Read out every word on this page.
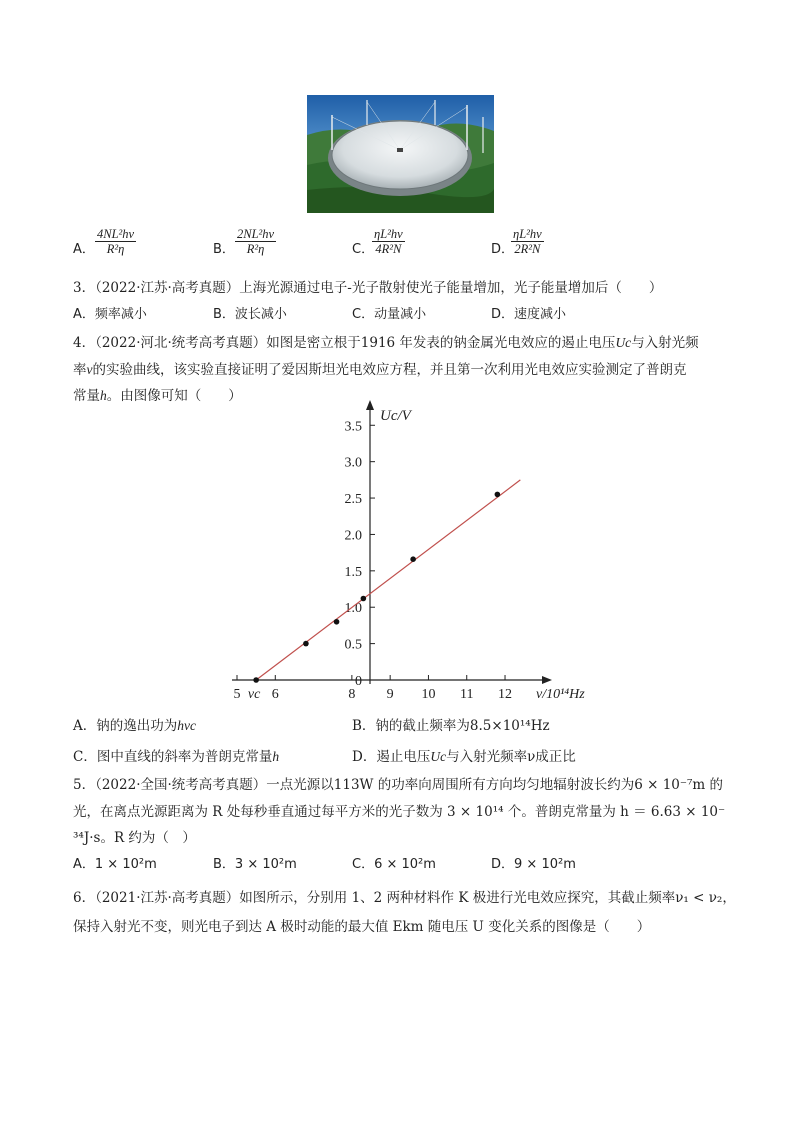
A． $\frac{\text{4NL²hν}}{\text{R²η}}$	B． $\frac{\text{2NL²hν}}{\text{R²η}}$	C．
$\frac{\text{ηL²hν}}{\text{4R²N}}$	D．
$\frac{\text{ηL²hν}}{\text{2R²N}}$
3．（2022·江苏·高考真题）上海光源通过电子-光子散射使光子能量增加，光子能量增加后（　　）
A．频率减小	B．波长减小	C．动量减小	D．速度减小
4．（2022·河北·统考高考真题）如图是密立根于1916 年发表的钠金属光电效应的遏止电压Uc与入射光频
率ν的实验曲线，该实验直接证明了爱因斯坦光电效应方程，并且第一次利用光电效应实验测定了普朗克
常量h。由图像可知（　　）
5 6	8 9 10 11 12
νc
0
0.5
1.0
1.5
2.0
2.5
3.0
3.5
Uc/V
ν/10¹⁴Hz
A．钠的逸出功为hνc	B．钠的截止频率为8.5×10¹⁴Hz
C．图中直线的斜率为普朗克常量h	D．遏止电压Uc与入射光频率ν成正比
5．（2022·全国·统考高考真题）一点光源以113W 的功率向周围所有方向均匀地辐射波长约为6 × 10⁻⁷m 的
光，在离点光源距离为 R 处每秒垂直通过每平方米的光子数为 3 × 10¹⁴ 个。普朗克常量为 h ＝ 6.63 × 10⁻
³⁴J·s。R 约为（　）
A．1 × 10²m	B．3 × 10²m	C．6 × 10²m	D．9 × 10²m
6．（2021·江苏·高考真题）如图所示，分别用 1、2 两种材料作 K 极进行光电效应探究，其截止频率ν₁ < ν₂，
保持入射光不变，则光电子到达 A 极时动能的最大值 Ekm 随电压 U 变化关系的图像是（　　）
